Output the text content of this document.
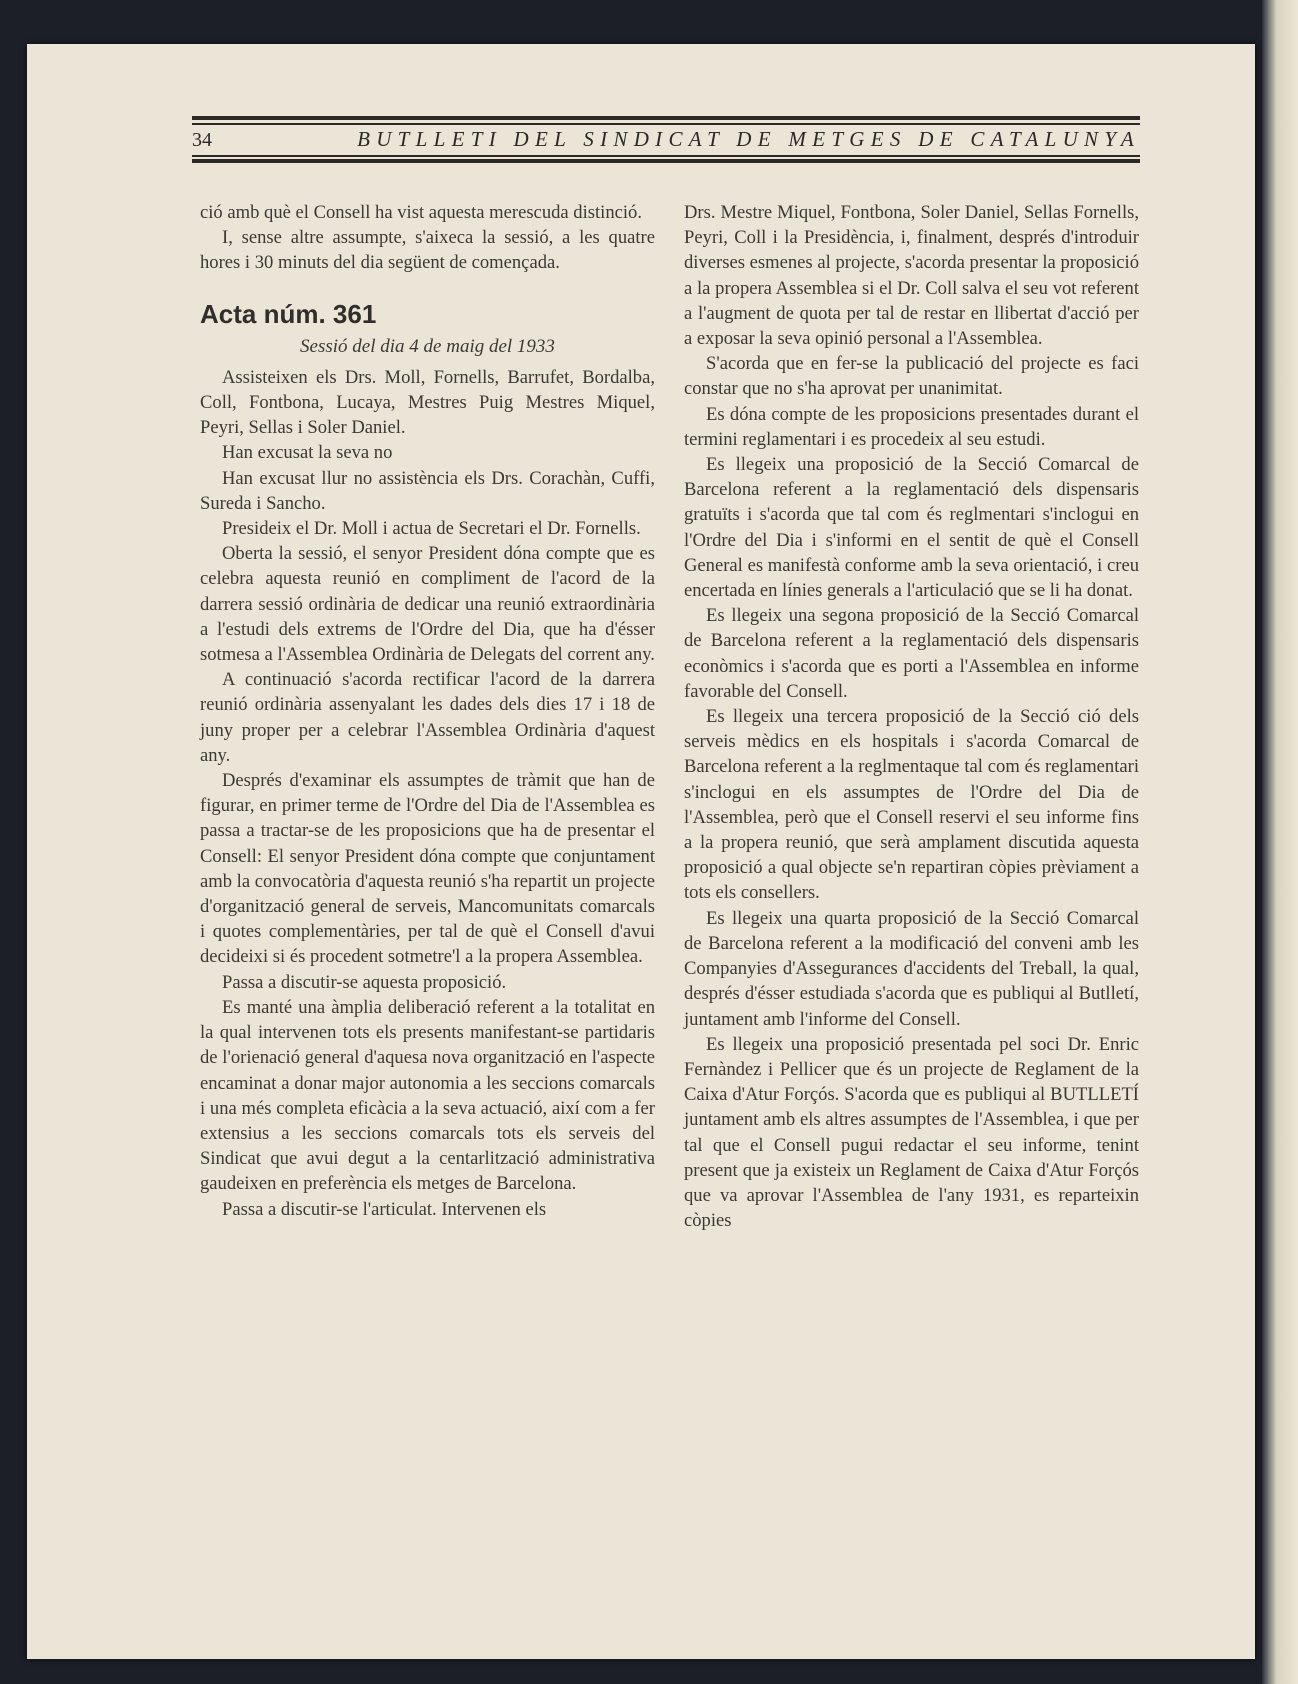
34	BUTLLETI DEL SINDICAT DE METGES DE CATALUNYA

ció amb què el Consell ha vist aquesta merescuda distinció.

I, sense altre assumpte, s'aixeca la sessió, a les quatre hores i 30 minuts del dia següent de començada.

Acta núm. 361
Sessió del dia 4 de maig del 1933

Assisteixen els Drs. Moll, Fornells, Barrufet, Bordalba, Coll, Fontbona, Lucaya, Mestres Puig Mestres Miquel, Peyri, Sellas i Soler Daniel.

Han excusat la seva no

Han excusat llur no assistència els Drs. Corachàn, Cuffi, Sureda i Sancho.

Presideix el Dr. Moll i actua de Secretari el Dr. Fornells.

Oberta la sessió, el senyor President dóna compte que es celebra aquesta reunió en compliment de l'acord de la darrera sessió ordinària de dedicar una reunió extraordinària a l'estudi dels extrems de l'Ordre del Dia, que ha d'ésser sotmesa a l'Assemblea Ordinària de Delegats del corrent any.

A continuació s'acorda rectificar l'acord de la darrera reunió ordinària assenyalant les dades dels dies 17 i 18 de juny proper per a celebrar l'Assemblea Ordinària d'aquest any.

Després d'examinar els assumptes de tràmit que han de figurar, en primer terme de l'Ordre del Dia de l'Assemblea es passa a tractar-se de les proposicions que ha de presentar el Consell: El senyor President dóna compte que conjuntament amb la convocatòria d'aquesta reunió s'ha repartit un projecte d'organització general de serveis, Mancomunitats comarcals i quotes complementàries, per tal de què el Consell d'avui decideixi si és procedent sotmetre'l a la propera Assemblea.

Passa a discutir-se aquesta proposició.

Es manté una àmplia deliberació referent a la totalitat en la qual intervenen tots els presents manifestant-se partidaris de l'orienació general d'aquesa nova organització en l'aspecte encaminat a donar major autonomia a les seccions comarcals i una més completa eficàcia a la seva actuació, així com a fer extensius a les seccions comarcals tots els serveis del Sindicat que avui degut a la centarlització administrativa gaudeixen en preferència els metges de Barcelona.

Passa a discutir-se l'articulat. Intervenen els

Drs. Mestre Miquel, Fontbona, Soler Daniel, Sellas Fornells, Peyri, Coll i la Presidència, i, finalment, després d'introduir diverses esmenes al projecte, s'acorda presentar la proposició a la propera Assemblea si el Dr. Coll salva el seu vot referent a l'augment de quota per tal de restar en llibertat d'acció per a exposar la seva opinió personal a l'Assemblea.

S'acorda que en fer-se la publicació del projecte es faci constar que no s'ha aprovat per unanimitat.

Es dóna compte de les proposicions presentades durant el termini reglamentari i es procedeix al seu estudi.

Es llegeix una proposició de la Secció Comarcal de Barcelona referent a la reglamentació dels dispensaris gratuïts i s'acorda que tal com és reglmentari s'inclogui en l'Ordre del Dia i s'informi en el sentit de què el Consell General es manifestà conforme amb la seva orientació, i creu encertada en línies generals a l'articulació que se li ha donat.

Es llegeix una segona proposició de la Secció Comarcal de Barcelona referent a la reglamentació dels dispensaris econòmics i s'acorda que es porti a l'Assemblea en informe favorable del Consell.

Es llegeix una tercera proposició de la Secció ció dels serveis mèdics en els hospitals i s'acorda Comarcal de Barcelona referent a la reglmentaque tal com és reglamentari s'inclogui en els assumptes de l'Ordre del Dia de l'Assemblea, però que el Consell reservi el seu informe fins a la propera reunió, que serà amplament discutida aquesta proposició a qual objecte se'n repartiran còpies prèviament a tots els consellers.

Es llegeix una quarta proposició de la Secció Comarcal de Barcelona referent a la modificació del conveni amb les Companyies d'Assegurances d'accidents del Treball, la qual, després d'ésser estudiada s'acorda que es publiqui al Butlletí, juntament amb l'informe del Consell.

Es llegeix una proposició presentada pel soci Dr. Enric Fernàndez i Pellicer que és un projecte de Reglament de la Caixa d'Atur Forçós. S'acorda que es publiqui al BUTLLETÍ juntament amb els altres assumptes de l'Assemblea, i que per tal que el Consell pugui redactar el seu informe, tenint present que ja existeix un Reglament de Caixa d'Atur Forçós que va aprovar l'Assemblea de l'any 1931, es reparteixin còpies
